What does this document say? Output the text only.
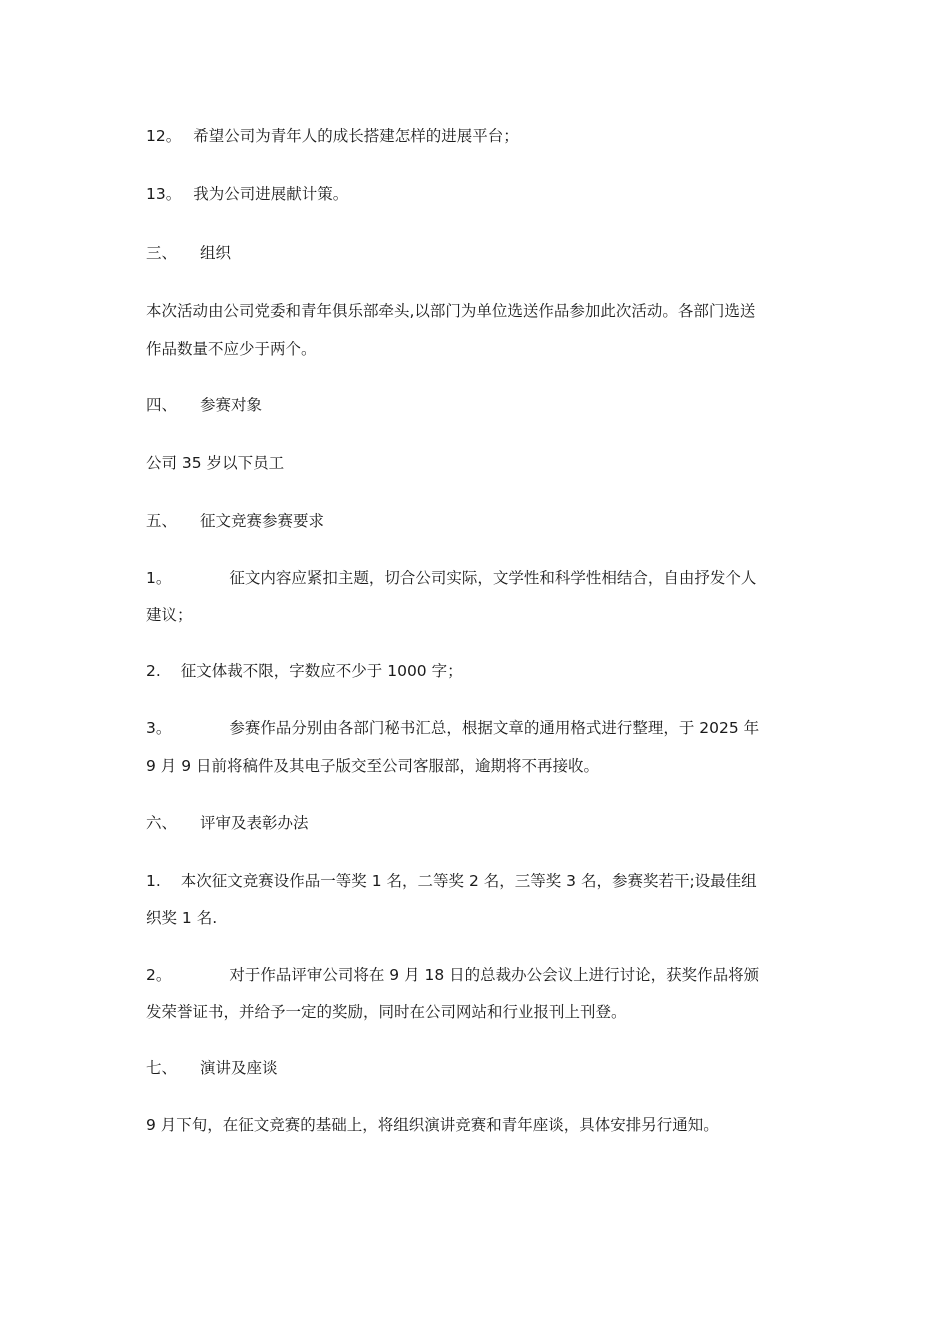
12。 希望公司为青年人的成长搭建怎样的进展平台；
13。 我为公司进展献计策。
三、 组织
本次活动由公司党委和青年俱乐部牵头,以部门为单位选送作品参加此次活动。各部门选送
作品数量不应少于两个。
四、 参赛对象
公司 35 岁以下员工
五、 征文竞赛参赛要求
1。	征文内容应紧扣主题，切合公司实际，文学性和科学性相结合，自由抒发个人
建议；
2. 征文体裁不限，字数应不少于 1000 字；
3。	参赛作品分别由各部门秘书汇总，根据文章的通用格式进行整理，于 2025 年
9 月 9 日前将稿件及其电子版交至公司客服部，逾期将不再接收。
六、 评审及表彰办法
1. 本次征文竞赛设作品一等奖 1 名，二等奖 2 名，三等奖 3 名，参赛奖若干;设最佳组
织奖 1 名.
2。	对于作品评审公司将在 9 月 18 日的总裁办公会议上进行讨论，获奖作品将颁
发荣誉证书，并给予一定的奖励，同时在公司网站和行业报刊上刊登。
七、 演讲及座谈
9 月下旬，在征文竞赛的基础上，将组织演讲竞赛和青年座谈，具体安排另行通知。
